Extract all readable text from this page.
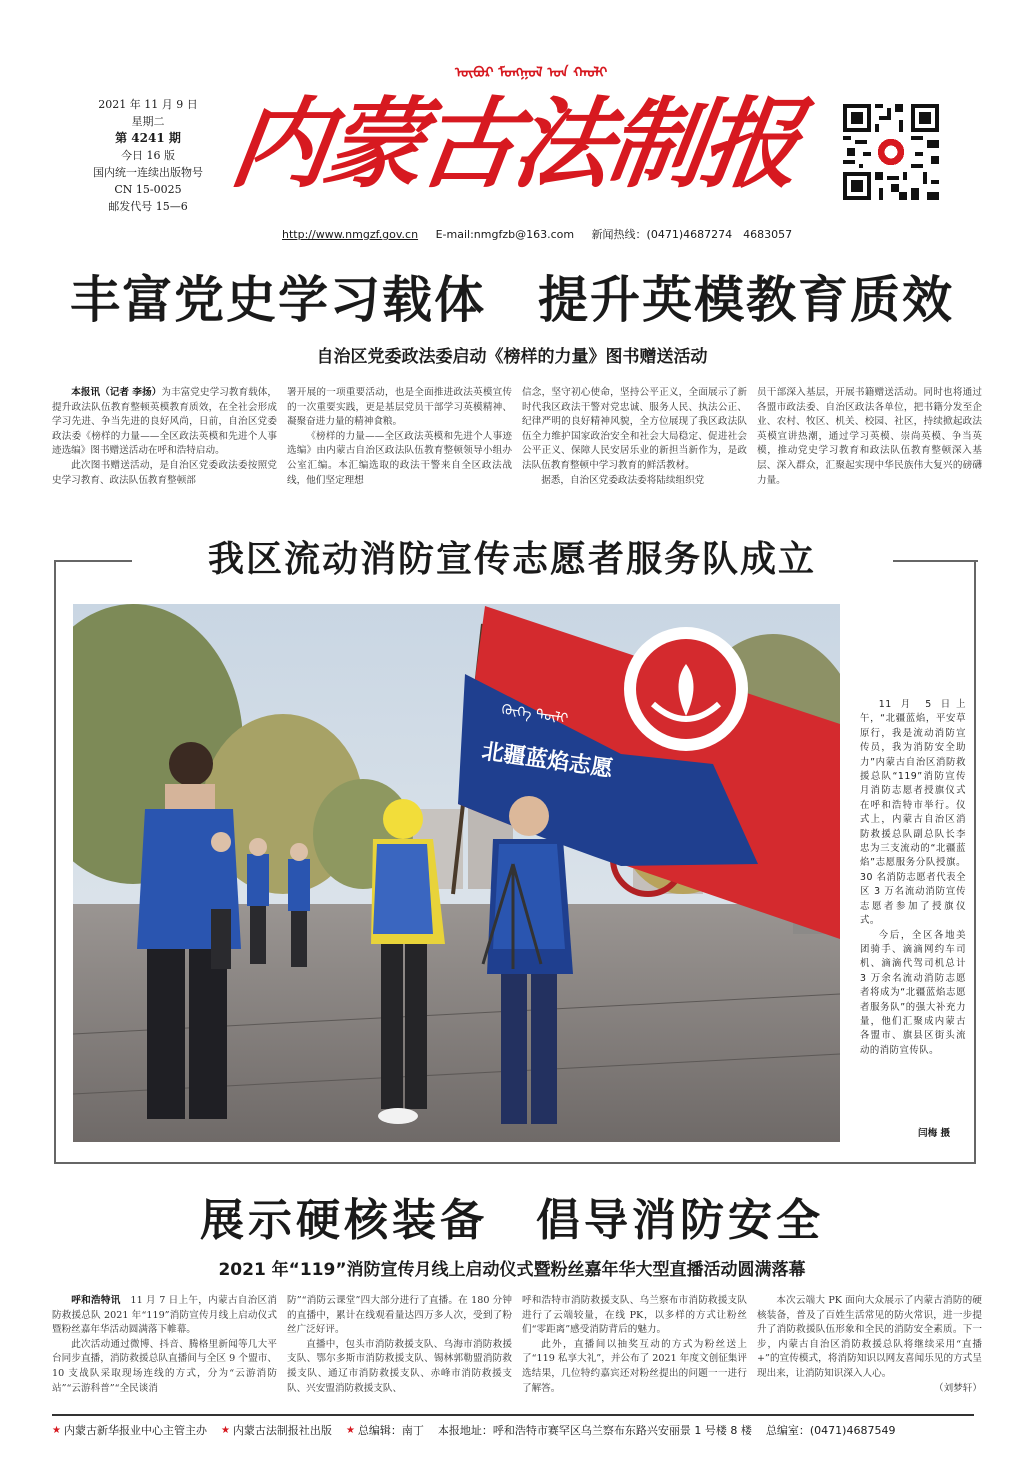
2021 年 11 月 9 日
星期二
第 4241 期
今日 16 版
国内统一连续出版物号
CN 15-0025
邮发代号 15—6
ᠥᠪᠦᠷ ᠮᠣᠩᠭᠣᠯ ᠤᠨ ᠬᠠᠤᠯᠢ
内蒙古法制报
http://www.nmgzf.gov.cn E-mail:nmgfzb@163.com 新闻热线：(0471)4687274　4683057
丰富党史学习载体　提升英模教育质效
自治区党委政法委启动《榜样的力量》图书赠送活动

本报讯（记者 李扬）为丰富党史学习教育载体，提升政法队伍教育整顿英模教育质效，在全社会形成学习先进、争当先进的良好风尚，日前，自治区党委政法委《榜样的力量——全区政法英模和先进个人事迹选编》图书赠送活动在呼和浩特启动。

此次图书赠送活动，是自治区党委政法委按照党史学习教育、政法队伍教育整顿部

署开展的一项重要活动，也是全面推进政法英模宣传的一次重要实践，更是基层党员干部学习英模精神、凝聚奋进力量的精神食粮。

《榜样的力量——全区政法英模和先进个人事迹选编》由内蒙古自治区政法队伍教育整顿领导小组办公室汇编。本汇编选取的政法干警来自全区政法战线，他们坚定理想

信念，坚守初心使命，坚持公平正义，全面展示了新时代我区政法干警对党忠诚、服务人民、执法公正、纪律严明的良好精神风貌，全方位展现了我区政法队伍全力维护国家政治安全和社会大局稳定、促进社会公平正义、保障人民安居乐业的新担当新作为，是政法队伍教育整顿中学习教育的鲜活教材。

据悉，自治区党委政法委将陆续组织党

员干部深入基层，开展书籍赠送活动。同时也将通过各盟市政法委、自治区政法各单位，把书籍分发至企业、农村、牧区、机关、校园、社区，持续掀起政法英模宣讲热潮，通过学习英模、崇尚英模、争当英模，推动党史学习教育和政法队伍教育整顿深入基层、深入群众，汇聚起实现中华民族伟大复兴的磅礴力量。

我区流动消防宣传志愿者服务队成立
北疆蓝焰志愿
ᠬᠦᠬᠡ ᠳᠥᠯᠢ	11 月 5 日上午，“北疆蓝焰，平安草原行，我是流动消防宣传员，我为消防安全助力”内蒙古自治区消防救援总队“119”消防宣传月消防志愿者授旗仪式在呼和浩特市举行。仪式上，内蒙古自治区消防救援总队副总队长李忠为三支流动的“北疆蓝焰”志愿服务分队授旗。30 名消防志愿者代表全区 3 万名流动消防宣传志愿者参加了授旗仪式。

今后，全区各地美团骑手、滴滴网约车司机、滴滴代驾司机总计 3 万余名流动消防志愿者将成为“北疆蓝焰志愿者服务队”的强大补充力量，他们汇聚成内蒙古各盟市、旗县区街头流动的消防宣传队。

闫梅 摄
展示硬核装备　倡导消防安全
2021 年“119”消防宣传月线上启动仪式暨粉丝嘉年华大型直播活动圆满落幕

呼和浩特讯　 11 月 7 日上午，内蒙古自治区消防救援总队 2021 年“119”消防宣传月线上启动仪式暨粉丝嘉年华活动圆满落下帷幕。

此次活动通过微博、抖音、腾格里新闻等几大平台同步直播，消防救援总队直播间与全区 9 个盟市、10 支战队采取现场连线的方式，分为“云游消防站”“云游科普”“全民谈消

防”“消防云课堂”四大部分进行了直播。在 180 分钟的直播中，累计在线观看量达四万多人次，受到了粉丝广泛好评。

直播中，包头市消防救援支队、乌海市消防救援支队、鄂尔多斯市消防救援支队、锡林郭勒盟消防救援支队、通辽市消防救援支队、赤峰市消防救援支队、兴安盟消防救援支队、

呼和浩特市消防救援支队、乌兰察布市消防救援支队进行了云端较量，在线 PK，以多样的方式让粉丝们“零距离”感受消防背后的魅力。

此外，直播间以抽奖互动的方式为粉丝送上了“119 私享大礼”，并公布了 2021 年度文创征集评选结果，几位特约嘉宾还对粉丝提出的问题一一进行了解答。

本次云端大 PK 面向大众展示了内蒙古消防的硬核装备，普及了百姓生活常见的防火常识，进一步提升了消防救援队伍形象和全民的消防安全素质。下一步，内蒙古自治区消防救援总队将继续采用“直播+”的宣传模式，将消防知识以网友喜闻乐见的方式呈现出来，让消防知识深入人心。

（刘梦轩）

★ 内蒙古新华报业中心主管主办 ★ 内蒙古法制报社出版 ★ 总编辑：南丁 本报地址：呼和浩特市赛罕区乌兰察布东路兴安丽景 1 号楼 8 楼 总编室：(0471)4687549
